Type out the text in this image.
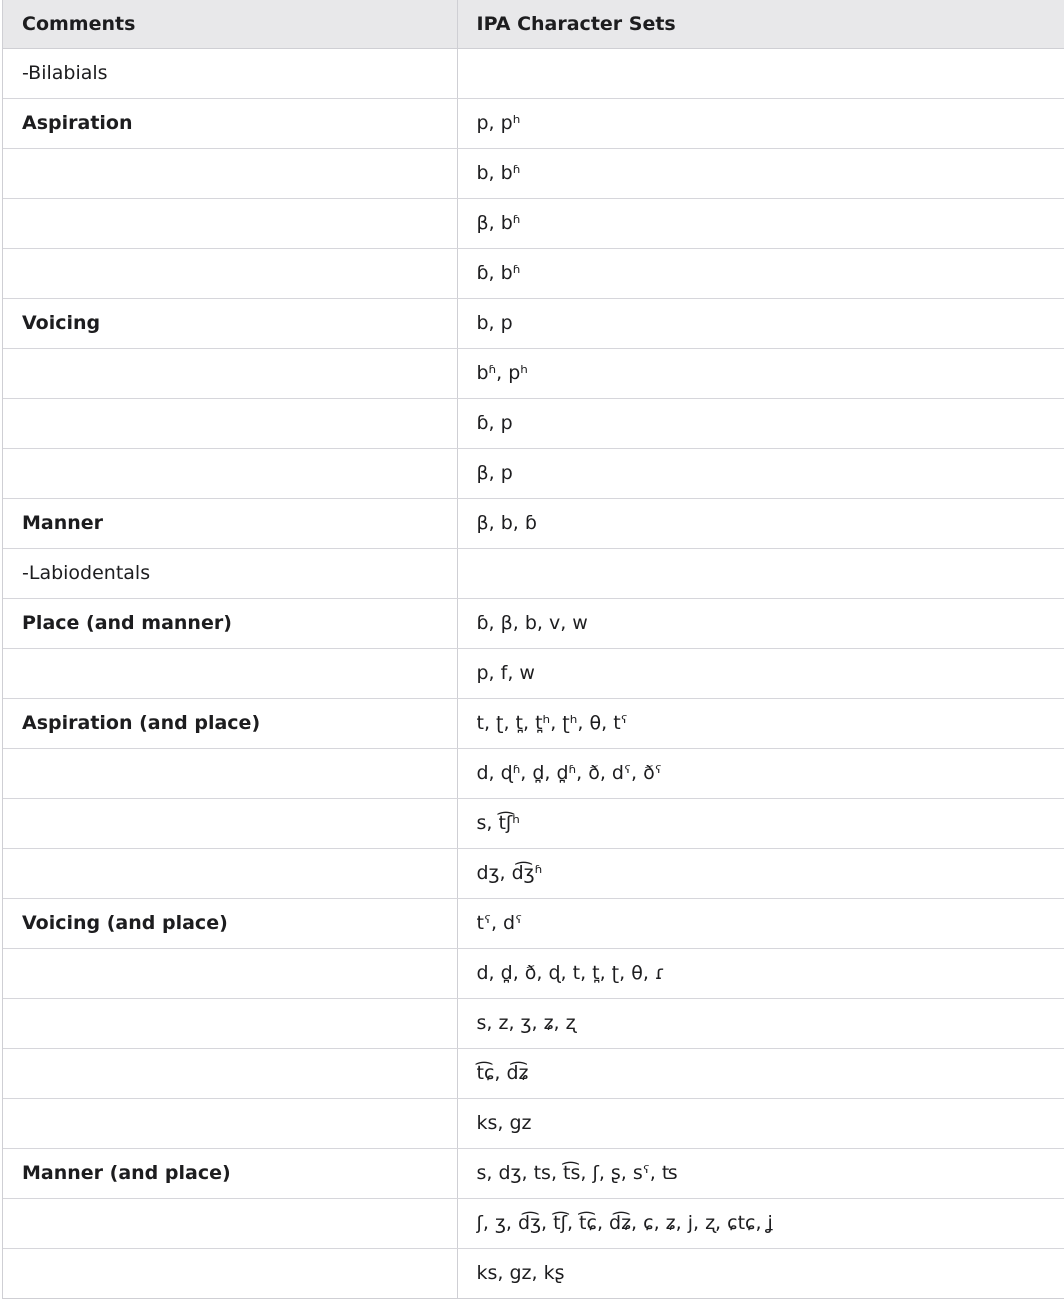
Comments	IPA Character Sets
-Bilabials	
Aspiration	p, pʰ
	b, bʱ
	β, bʱ
	ɓ, bʱ
Voicing	b, p
	bʱ, pʰ
	ɓ, p
	β, p
Manner	β, b, ɓ
-Labiodentals	
Place (and manner)	ɓ, β, b, v, w
	p, f, w
Aspiration (and place)	t, ʈ, t̪, t̪ʰ, ʈʰ, θ, tˤ
	d, ɖʱ, d̪, d̪ʱ, ð, dˤ, ðˤ
	s, t͡ʃʰ
	dʒ, d͡ʒʱ
Voicing (and place)	tˤ, dˤ
	d, d̪, ð, ɖ, t, t̪, ʈ, θ, ɾ
	s, z, ʒ, ʑ, ʐ
	t͡ɕ, d͡ʑ
	ks, gz
Manner (and place)	s, dʒ, ts, t͡s, ʃ, ʂ, sˤ, ʦ
	ʃ, ʒ, d͡ʒ, t͡ʃ, t͡ɕ, d͡ʑ, ɕ, ʑ, j, ʐ, ɕtɕ, ʝ
	ks, gz, kʂ
